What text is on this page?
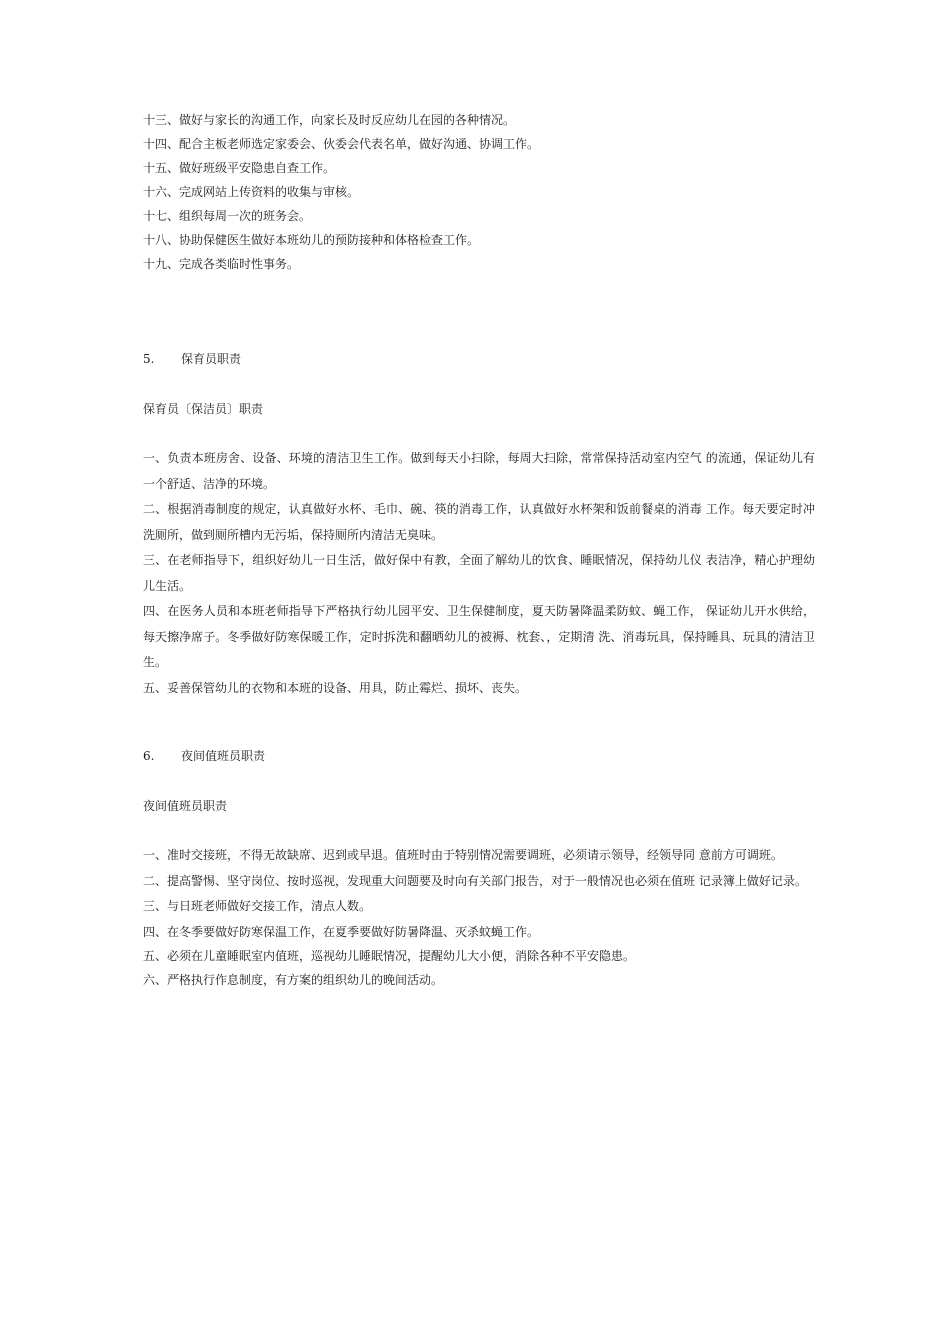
十三、做好与家长的沟通工作，向家长及时反应幼儿在园的各种情况。

十四、配合主板老师选定家委会、伙委会代表名单，做好沟通、协调工作。

十五、做好班级平安隐患自查工作。

十六、完成网站上传资料的收集与审核。

十七、组织每周一次的班务会。

十八、协助保健医生做好本班幼儿的预防接种和体格检查工作。

十九、完成各类临时性事务。

5. 保育员职责

保育员〔保洁员〕职责

一、负责本班房舍、设备、环境的清洁卫生工作。做到每天小扫除，每周大扫除，常常保持活动室内空气 的流通，保证幼儿有一个舒适、洁净的环境。

二、根据消毒制度的规定，认真做好水杯、毛巾、碗、筷的消毒工作，认真做好水杯架和饭前餐桌的消毒 工作。每天要定时冲洗厕所，做到厕所槽内无污垢，保持厕所内清洁无臭味。

三、在老师指导下，组织好幼儿一日生活，做好保中有教，全面了解幼儿的饮食、睡眠情况，保持幼儿仪 表洁净，精心护理幼儿生活。

四、在医务人员和本班老师指导下严格执行幼儿园平安、卫生保健制度，夏天防暑降温柔防蚊、蝇工作， 保证幼儿开水供给，每天擦净席子。冬季做好防寒保暖工作，定时拆洗和翻晒幼儿的被褥、枕套、，定期清 洗、消毒玩具，保持睡具、玩具的清洁卫生。

五、妥善保管幼儿的衣物和本班的设备、用具，防止霉烂、损坏、丧失。

6. 夜间值班员职责

夜间值班员职责

一、准时交接班，不得无故缺席、迟到或早退。值班时由于特别情况需要调班，必须请示领导，经领导同 意前方可调班。

二、提高警惕、坚守岗位、按时巡视，发现重大问题要及时向有关部门报告，对于一般情况也必须在值班 记录簿上做好记录。

三、与日班老师做好交接工作，清点人数。

四、在冬季要做好防寒保温工作，在夏季要做好防暑降温、灭杀蚊蝇工作。

五、必须在儿童睡眠室内值班，巡视幼儿睡眠情况，提醒幼儿大小便，消除各种不平安隐患。

六、严格执行作息制度，有方案的组织幼儿的晚间活动。
